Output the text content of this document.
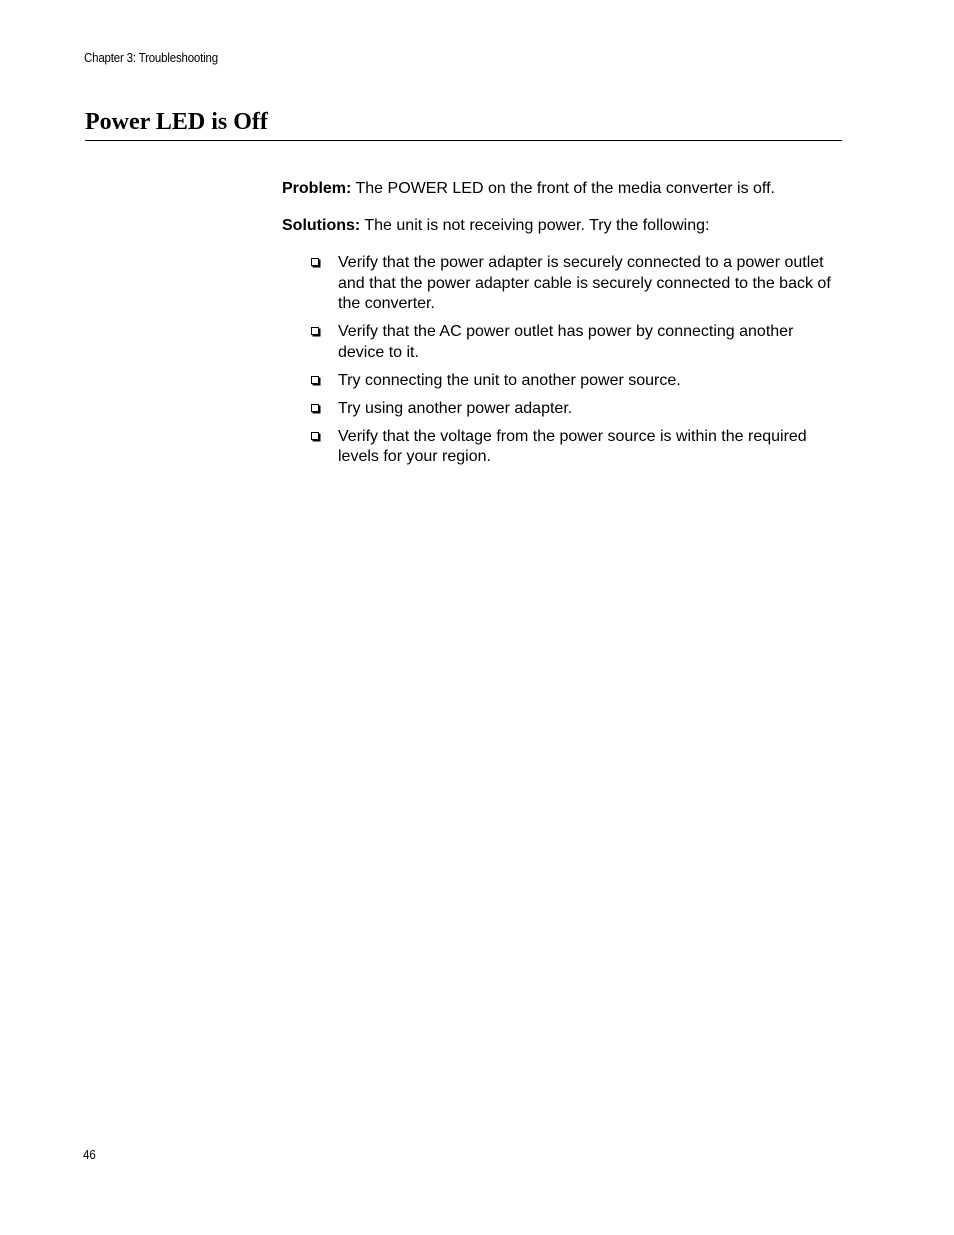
Chapter 3: Troubleshooting
Power LED is Off

Problem: The POWER LED on the front of the media converter is off.

Solutions: The unit is not receiving power. Try the following:

Verify that the power adapter is securely connected to a power outlet and that the power adapter cable is securely connected to the back of the converter.
Verify that the AC power outlet has power by connecting another device to it.
Try connecting the unit to another power source.
Try using another power adapter.
Verify that the voltage from the power source is within the required levels for your region.
46
